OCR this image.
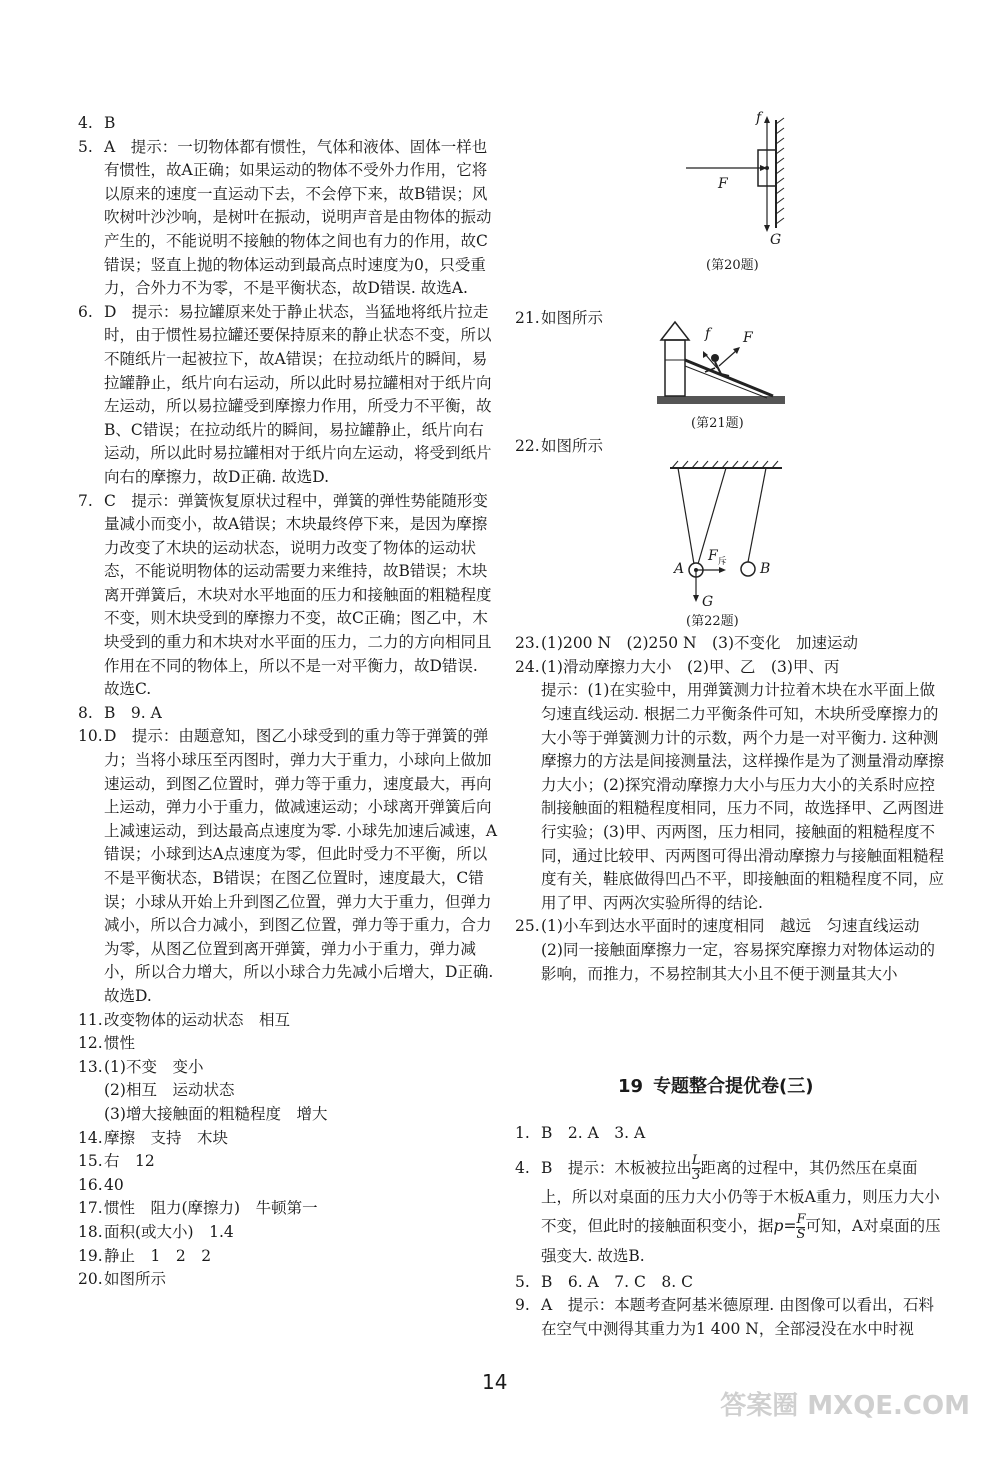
4. B

5. A　提示：一切物体都有惯性，气体和液体、固体一样也有惯性，故A正确；如果运动的物体不受外力作用，它将以原来的速度一直运动下去，不会停下来，故B错误；风吹树叶沙沙响，是树叶在振动，说明声音是由物体的振动产生的，不能说明不接触的物体之间也有力的作用，故C错误；竖直上抛的物体运动到最高点时速度为0，只受重力，合外力不为零，不是平衡状态，故D错误. 故选A.

6. D　提示：易拉罐原来处于静止状态，当猛地将纸片拉走时，由于惯性易拉罐还要保持原来的静止状态不变，所以不随纸片一起被拉下，故A错误；在拉动纸片的瞬间，易拉罐静止，纸片向右运动，所以此时易拉罐相对于纸片向左运动，所以易拉罐受到摩擦力作用，所受力不平衡，故B、C错误；在拉动纸片的瞬间，易拉罐静止，纸片向右运动，所以此时易拉罐相对于纸片向左运动，将受到纸片向右的摩擦力，故D正确. 故选D.

7. C　提示：弹簧恢复原状过程中，弹簧的弹性势能随形变量减小而变小，故A错误；木块最终停下来，是因为摩擦力改变了木块的运动状态，说明力改变了物体的运动状态，不能说明物体的运动需要力来维持，故B错误；木块离开弹簧后，木块对水平地面的压力和接触面的粗糙程度不变，则木块受到的摩擦力不变，故C正确；图乙中，木块受到的重力和木块对水平面的压力，二力的方向相同且作用在不同的物体上，所以不是一对平衡力，故D错误. 故选C.

8. B　9. A

10. D　提示：由题意知，图乙小球受到的重力等于弹簧的弹力；当将小球压至丙图时，弹力大于重力，小球向上做加速运动，到图乙位置时，弹力等于重力，速度最大，再向上运动，弹力小于重力，做减速运动；小球离开弹簧后向上减速运动，到达最高点速度为零. 小球先加速后减速，A错误；小球到达A点速度为零，但此时受力不平衡，所以不是平衡状态，B错误；在图乙位置时，速度最大，C错误；小球从开始上升到图乙位置，弹力大于重力，但弹力减小，所以合力减小，到图乙位置，弹力等于重力，合力为零，从图乙位置到离开弹簧，弹力小于重力，弹力减小，所以合力增大，所以小球合力先减小后增大，D正确. 故选D.

11. 改变物体的运动状态　相互

12. 惯性

13. (1)不变　变小

(2)相互　运动状态

(3)增大接触面的粗糙程度　增大

14. 摩擦　支持　木块

15. 右　12

16. 40

17. 惯性　阻力(摩擦力)　牛顿第一

18. 面积(或大小)　1.4

19. 静止　1　2　2

20. 如图所示

f
F
G
(第20题)
f F
(第21题)
A	B
$F_斥$
G
(第22题)
21. 如图所示

22. 如图所示

23. (1)200 N　(2)250 N　(3)不变化　加速运动

24. (1)滑动摩擦力大小　(2)甲、乙　(3)甲、丙

提示：(1)在实验中，用弹簧测力计拉着木块在水平面上做匀速直线运动. 根据二力平衡条件可知，木块所受摩擦力的大小等于弹簧测力计的示数，两个力是一对平衡力. 这种测摩擦力的方法是间接测量法，这样操作是为了测量滑动摩擦力大小；(2)探究滑动摩擦力大小与压力大小的关系时应控制接触面的粗糙程度相同，压力不同，故选择甲、乙两图进行实验；(3)甲、丙两图，压力相同，接触面的粗糙程度不同，通过比较甲、丙两图可得出滑动摩擦力与接触面粗糙程度有关，鞋底做得凹凸不平，即接触面的粗糙程度不同，应用了甲、丙两次实验所得的结论.

25. (1)小车到达水平面时的速度相同　越远　匀速直线运动　(2)同一接触面摩擦力一定，容易探究摩擦力对物体运动的影响，而推力，不易控制其大小且不便于测量其大小

19 专题整合提优卷(三)
1. B　2. A　3. A

4. B　提示：木板被拉出 $\frac{L}{3}$ 距离的过程中，其仍然压在桌面上，所以对桌面的压力大小仍等于木板A重力，则压力大小不变，但此时的接触面积变小，据$p= \frac{F}{S}$ 可知，A对桌面的压强变大. 故选B.

5. B　6. A　7. C　8. C

9. A　提示：本题考查阿基米德原理. 由图像可以看出，石料在空气中测得其重力为1 400 N，全部浸没在水中时视

14
答案圈 MXQE.COM
